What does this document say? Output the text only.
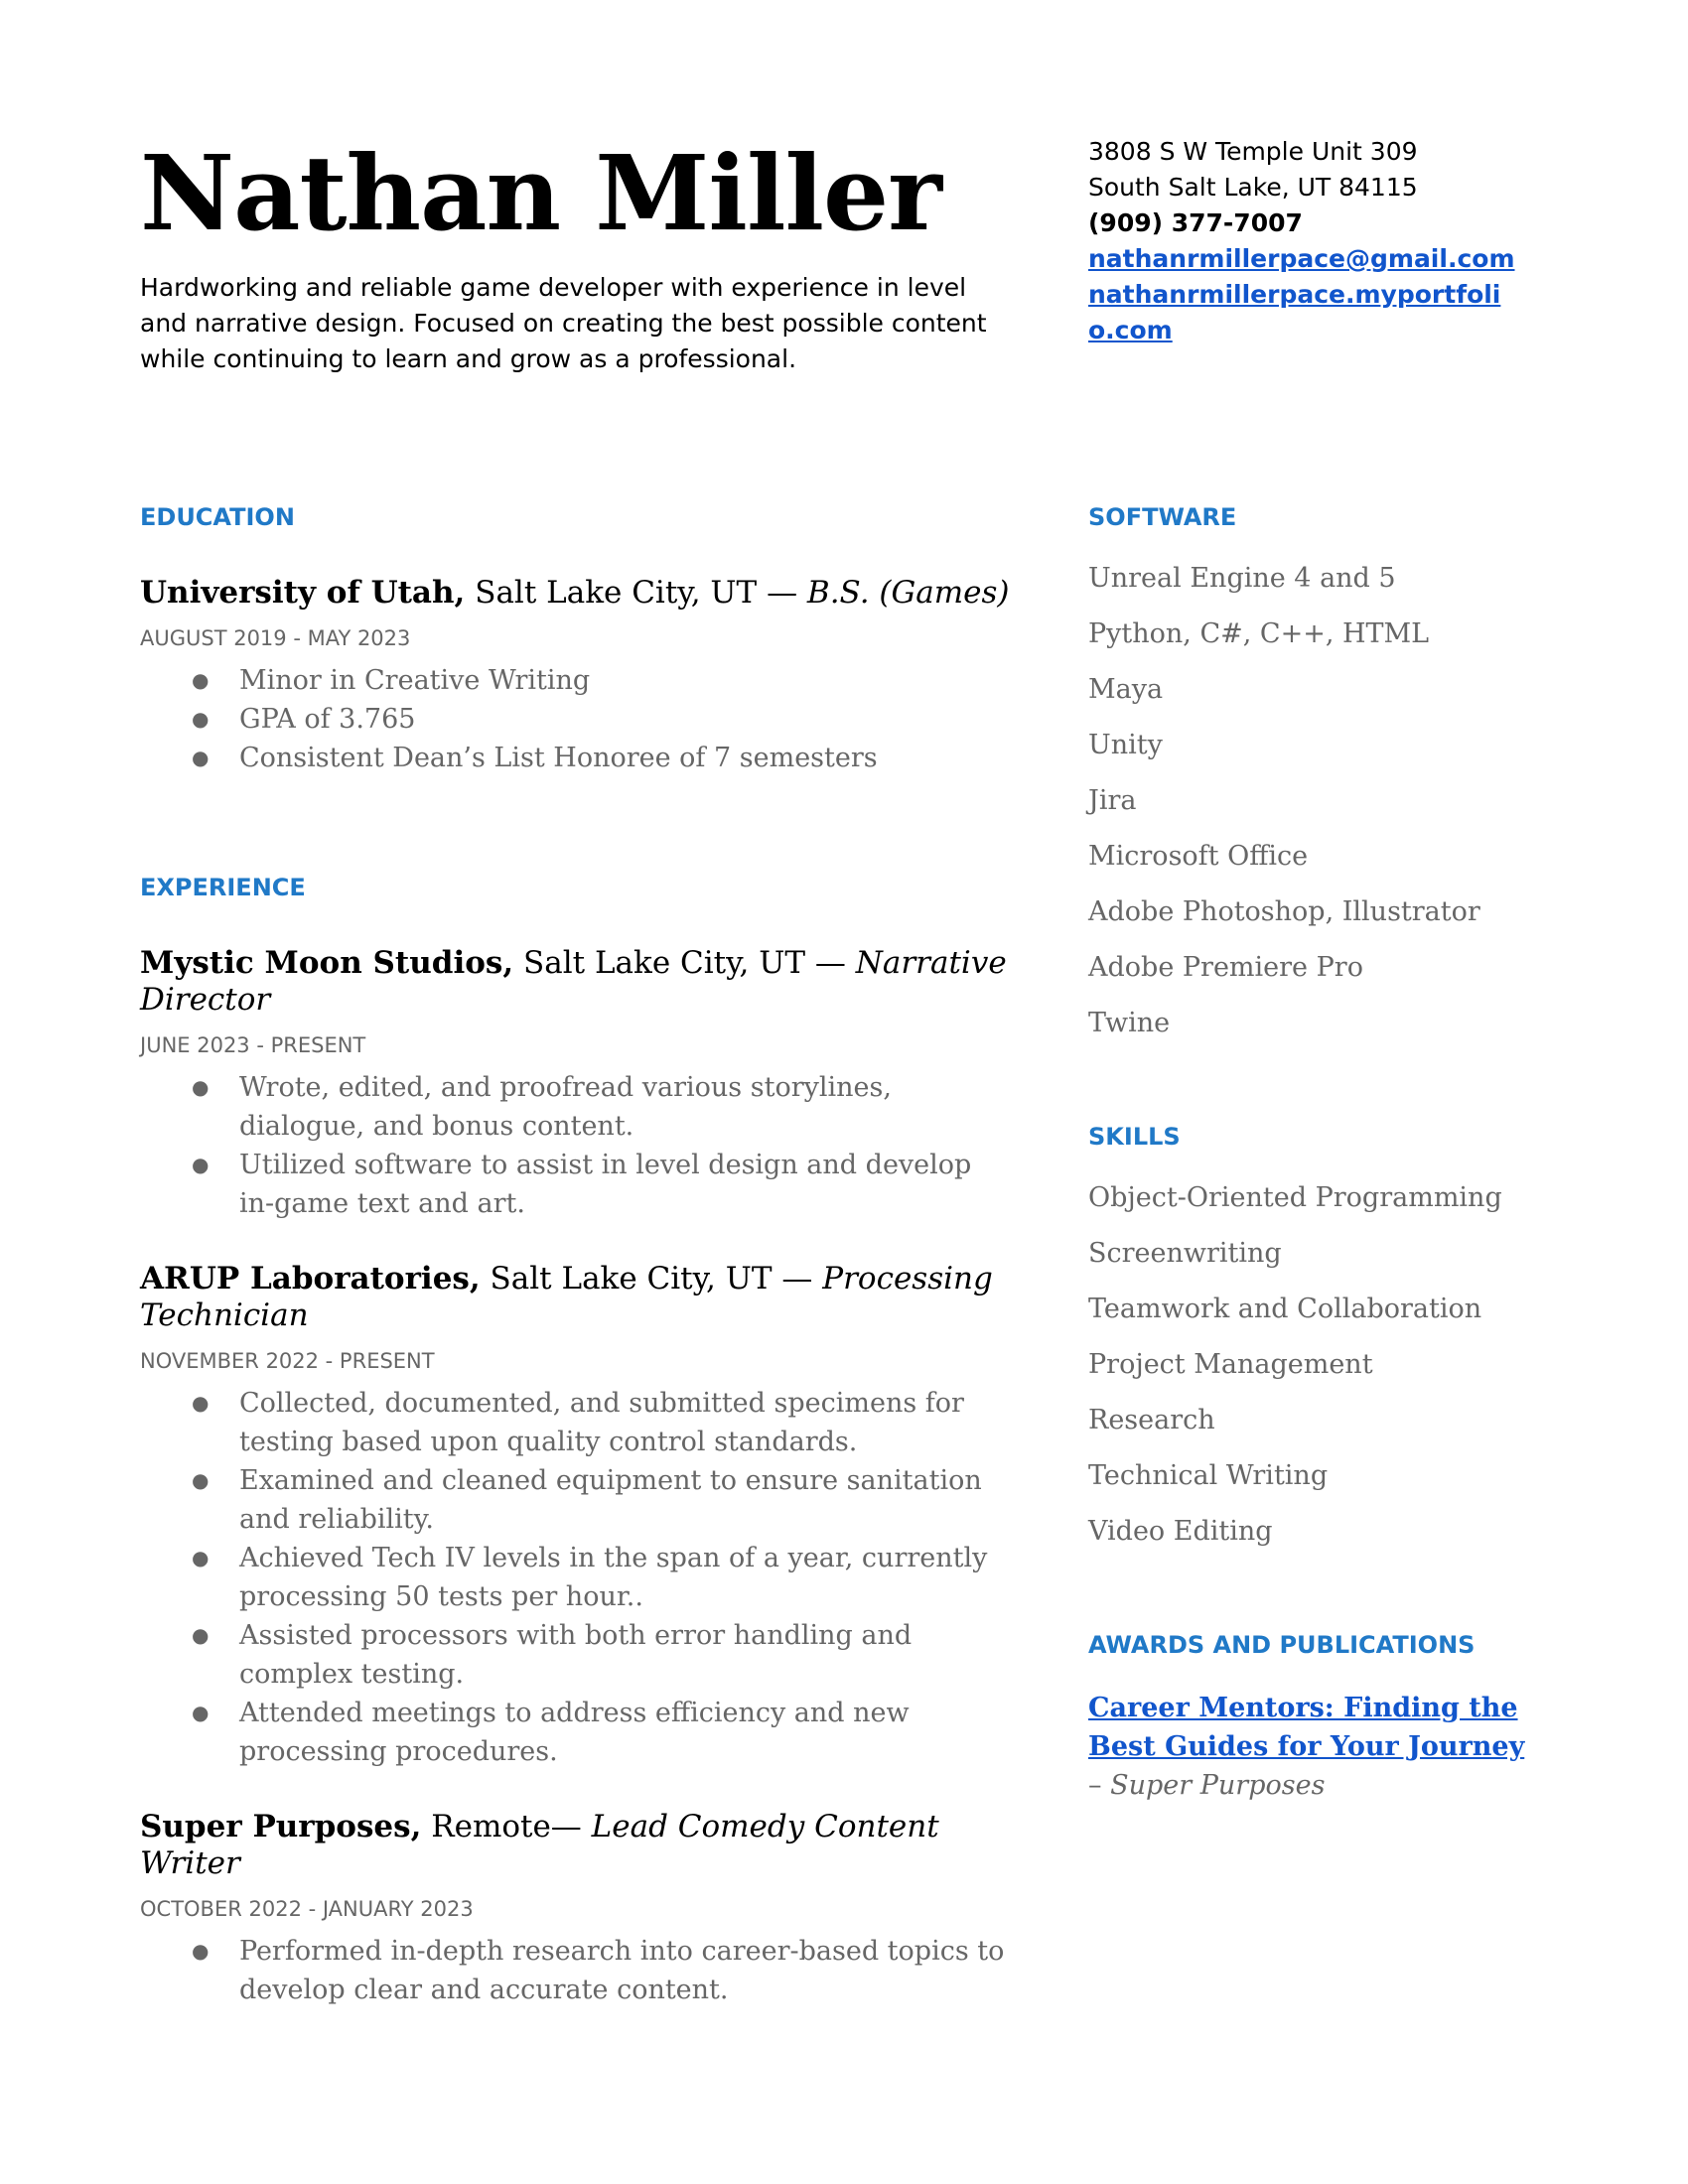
Nathan Miller

Hardworking and reliable game developer with experience in level and narrative design. Focused on creating the best possible content while continuing to learn and grow as a professional.

3808 S W Temple Unit 309
South Salt Lake, UT 84115
(909) 377-7007
nathanrmillerpace@gmail.com
nathanrmillerpace.myportfolio.com
EDUCATION

University of Utah, Salt Lake City, UT — B.S. (Games)

AUGUST 2019 - MAY 2023

● Minor in Creative Writing
● GPA of 3.765
● Consistent Dean’s List Honoree of 7 semesters
EXPERIENCE

Mystic Moon Studios, Salt Lake City, UT — Narrative Director

JUNE 2023 - PRESENT

● Wrote, edited, and proofread various storylines, dialogue, and bonus content.
● Utilized software to assist in level design and develop in-game text and art.

ARUP Laboratories, Salt Lake City, UT — Processing Technician

NOVEMBER 2022 - PRESENT

● Collected, documented, and submitted specimens for testing based upon quality control standards.
● Examined and cleaned equipment to ensure sanitation and reliability.
● Achieved Tech IV levels in the span of a year, currently processing 50 tests per hour..
● Assisted processors with both error handling and complex testing.
● Attended meetings to address efficiency and new processing procedures.

Super Purposes, Remote— Lead Comedy Content Writer

OCTOBER 2022 - JANUARY 2023

● Performed in-depth research into career-based topics to develop clear and accurate content.
SOFTWARE
Unreal Engine 4 and 5
Python, C#, C++, HTML
Maya
Unity
Jira
Microsoft Office
Adobe Photoshop, Illustrator
Adobe Premiere Pro
Twine
SKILLS
Object-Oriented Programming
Screenwriting
Teamwork and Collaboration
Project Management
Research
Technical Writing
Video Editing
AWARDS AND PUBLICATIONS

Career Mentors: Finding the Best Guides for Your Journey – Super Purposes
